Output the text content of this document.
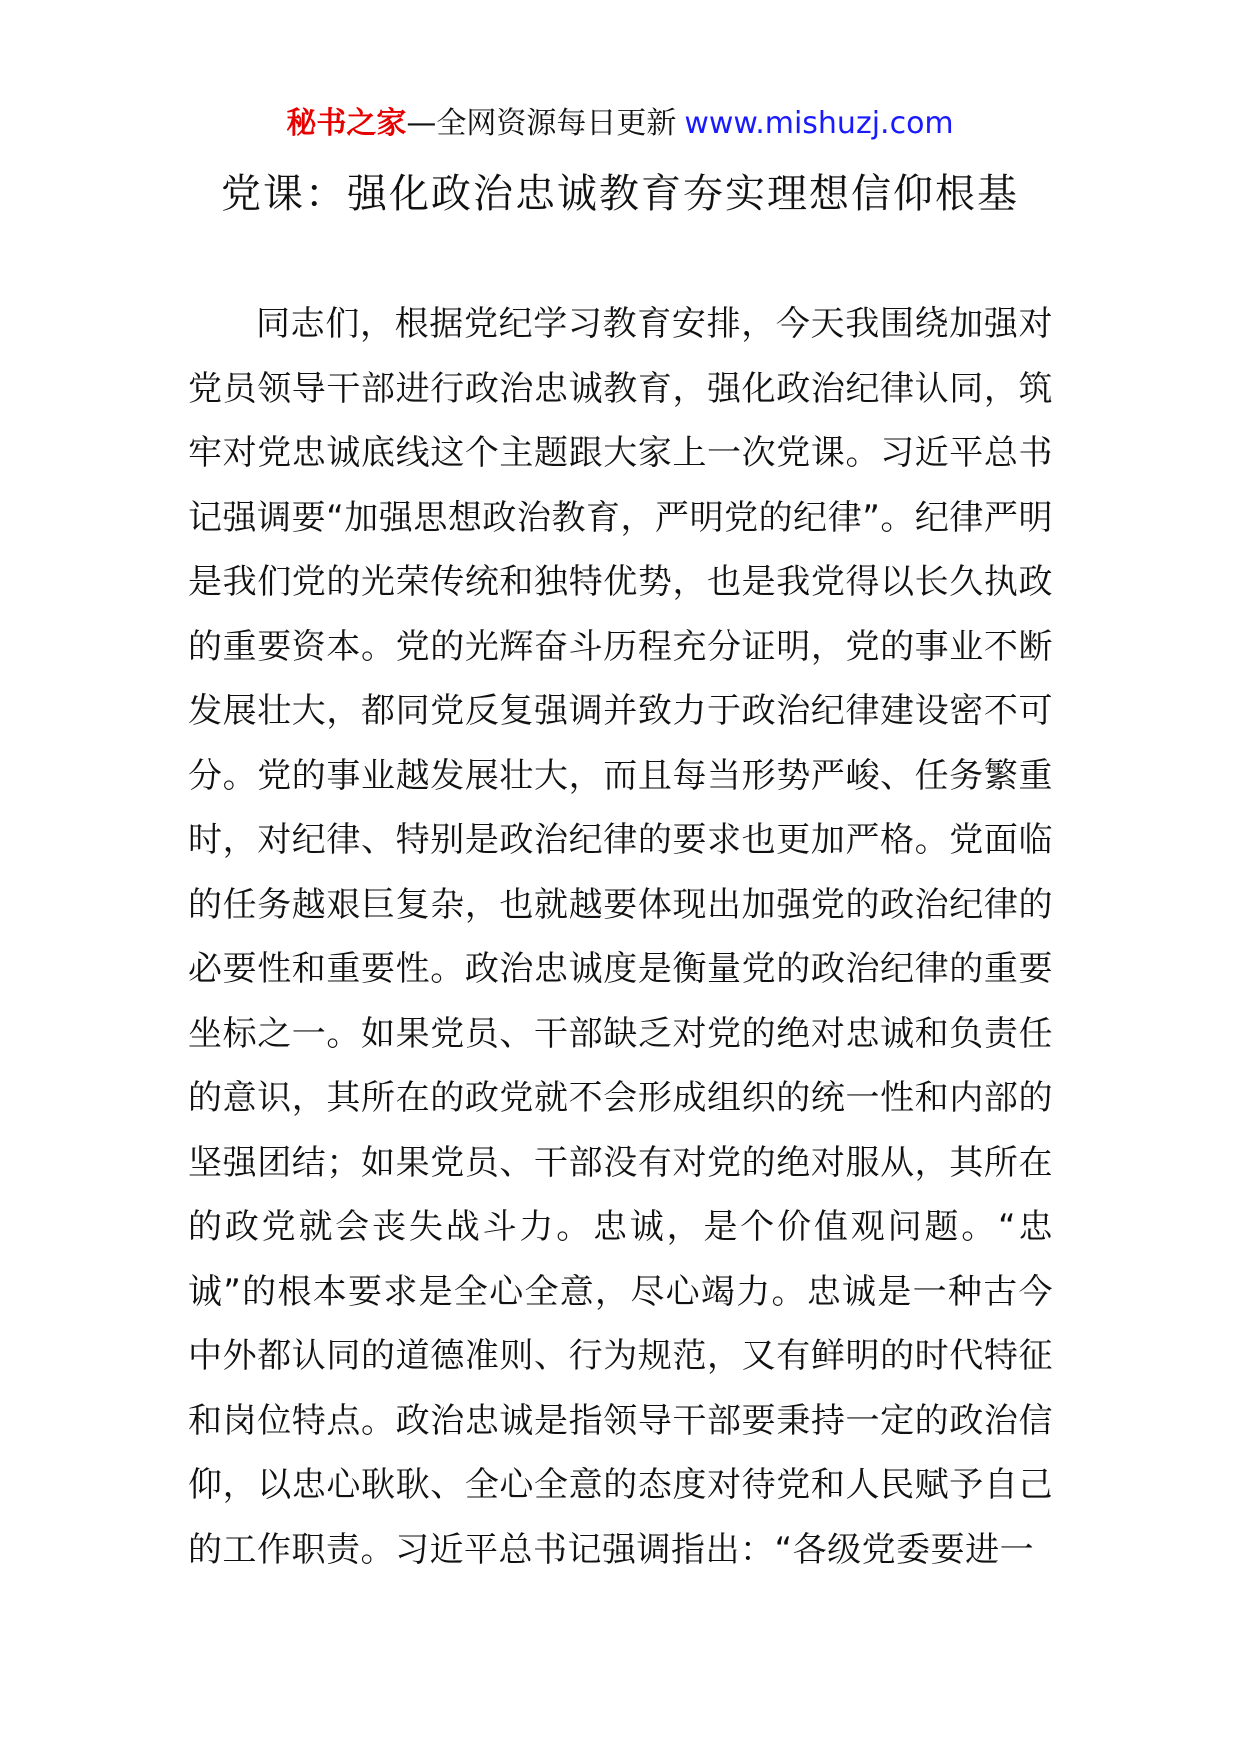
秘书之家—全网资源每日更新 www.mishuzj.com
党课：强化政治忠诚教育夯实理想信仰根基

同志们，根据党纪学习教育安排，今天我围绕加强对党员领导干部进行政治忠诚教育，强化政治纪律认同，筑牢对党忠诚底线这个主题跟大家上一次党课。习近平总书记强调要“加强思想政治教育，严明党的纪律”。纪律严明是我们党的光荣传统和独特优势，也是我党得以长久执政的重要资本。党的光辉奋斗历程充分证明，党的事业不断发展壮大，都同党反复强调并致力于政治纪律建设密不可分。党的事业越发展壮大，而且每当形势严峻、任务繁重时，对纪律、特别是政治纪律的要求也更加严格。党面临的任务越艰巨复杂，也就越要体现出加强党的政治纪律的必要性和重要性。政治忠诚度是衡量党的政治纪律的重要坐标之一。如果党员、干部缺乏对党的绝对忠诚和负责任的意识，其所在的政党就不会形成组织的统一性和内部的坚强团结；如果党员、干部没有对党的绝对服从，其所在的政党就会丧失战斗力。忠诚，是个价值观问题。“忠诚”的根本要求是全心全意，尽心竭力。忠诚是一种古今中外都认同的道德准则、行为规范，又有鲜明的时代特征和岗位特点。政治忠诚是指领导干部要秉持一定的政治信仰，以忠心耿耿、全心全意的态度对待党和人民赋予自己的工作职责。习近平总书记强调指出：“各级党委要进一
